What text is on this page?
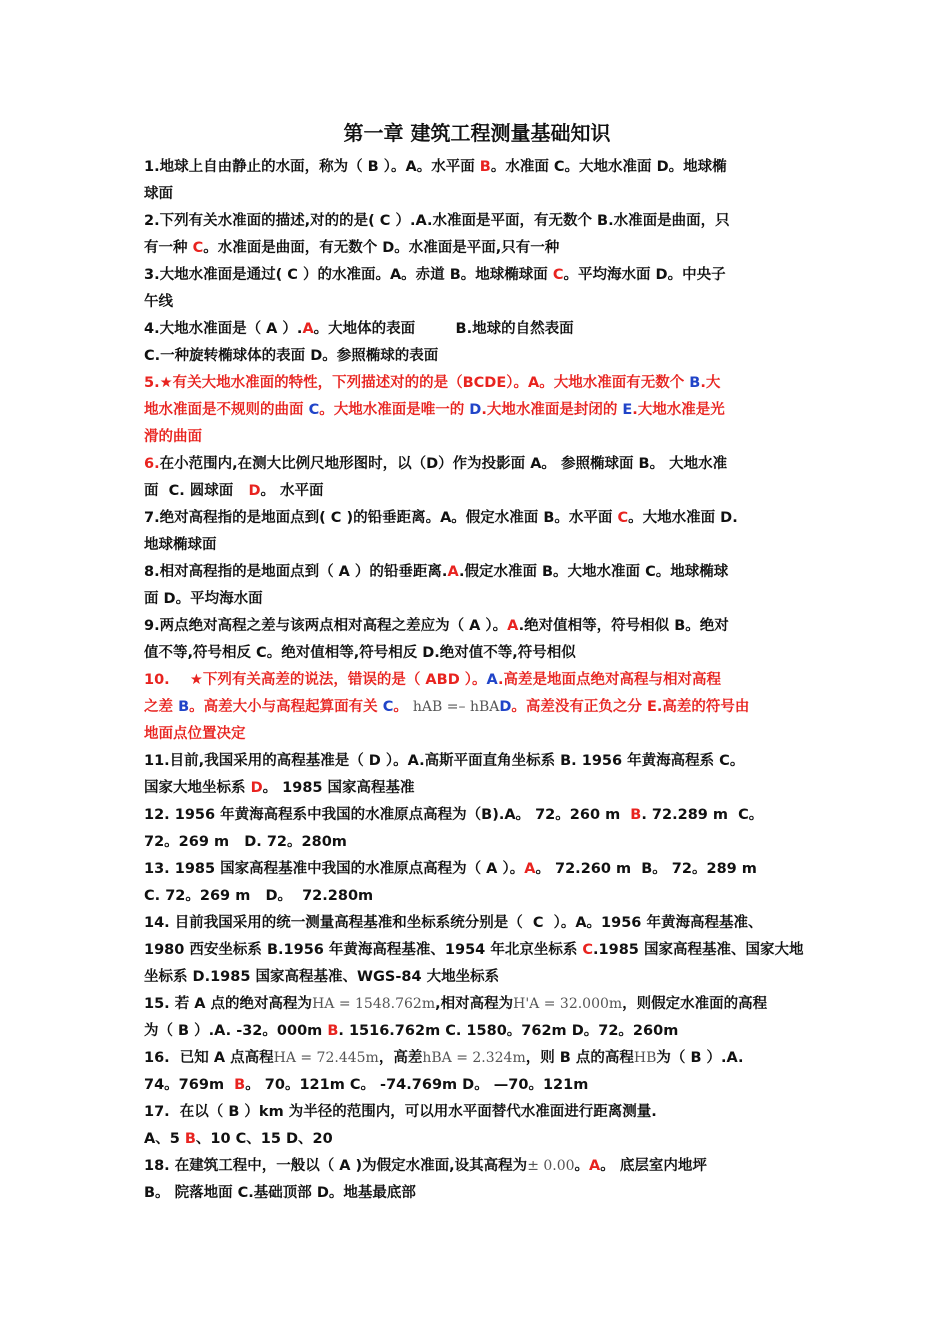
第一章 建筑工程测量基础知识
1.地球上自由静止的水面，称为（ B ）。A。水平面 B。水准面 C。大地水准面 D。地球椭
球面
2.下列有关水准面的描述,对的的是( C ）.A.水准面是平面，有无数个 B.水准面是曲面，只
有一种 C。水准面是曲面，有无数个 D。水准面是平面,只有一种
3.大地水准面是通过( C ）的水准面。A。赤道 B。地球椭球面 C。平均海水面 D。中央子
午线
4.大地水准面是（ A ）.A。大地体的表面        B.地球的自然表面
C.一种旋转椭球体的表面 D。参照椭球的表面
5.★有关大地水准面的特性，下列描述对的的是（BCDE）。A。大地水准面有无数个 B.大
地水准面是不规则的曲面 C。大地水准面是唯一的 D.大地水准面是封闭的 E.大地水准是光
滑的曲面
6.在小范围内,在测大比例尺地形图时，以（D）作为投影面 A。 参照椭球面 B。 大地水准
面  C. 圆球面   D。 水平面
7.绝对高程指的是地面点到( C )的铅垂距离。A。假定水准面 B。水平面 C。大地水准面 D.
地球椭球面
8.相对高程指的是地面点到（ A ）的铅垂距离.A.假定水准面 B。大地水准面 C。地球椭球
面 D。平均海水面
9.两点绝对高程之差与该两点相对高程之差应为（ A ）。A.绝对值相等，符号相似 B。绝对
值不等,符号相反 C。绝对值相等,符号相反 D.绝对值不等,符号相似
10.    ★下列有关高差的说法，错误的是（ ABD ）。A.高差是地面点绝对高程与相对高程
之差 B。高差大小与高程起算面有关 C。 hAB =– hBAD。高差没有正负之分 E.高差的符号由
地面点位置决定
11.目前,我国采用的高程基准是（ D ）。A.高斯平面直角坐标系 B. 1956 年黄海高程系 C。
国家大地坐标系 D。 1985 国家高程基准
12. 1956 年黄海高程系中我国的水准原点高程为（B).A。 72。260 m  B. 72.289 m  C。
72。269 m   D. 72。280m
13. 1985 国家高程基准中我国的水准原点高程为（ A ）。A。 72.260 m  B。 72。289 m
C. 72。269 m   D。  72.280m
14. 目前我国采用的统一测量高程基准和坐标系统分别是（  C  ）。A。1956 年黄海高程基准、
1980 西安坐标系 B.1956 年黄海高程基准、1954 年北京坐标系 C.1985 国家高程基准、国家大地
坐标系 D.1985 国家高程基准、WGS-84 大地坐标系
15. 若 A 点的绝对高程为HA = 1548.762m,相对高程为H'A = 32.000m，则假定水准面的高程
为（ B ）.A. -32。000m B. 1516.762m C. 1580。762m D。72。260m
16.  已知 A 点高程HA = 72.445m，高差hBA = 2.324m，则 B 点的高程HB为（ B ）.A.
74。769m  B。 70。121m C。 -74.769m D。 —70。121m
17.  在以（ B ）km 为半径的范围内，可以用水平面替代水准面进行距离测量.
A、5 B、10 C、15 D、20
18. 在建筑工程中，一般以（ A )为假定水准面,设其高程为± 0.00。A。 底层室内地坪
B。 院落地面 C.基础顶部 D。地基最底部
